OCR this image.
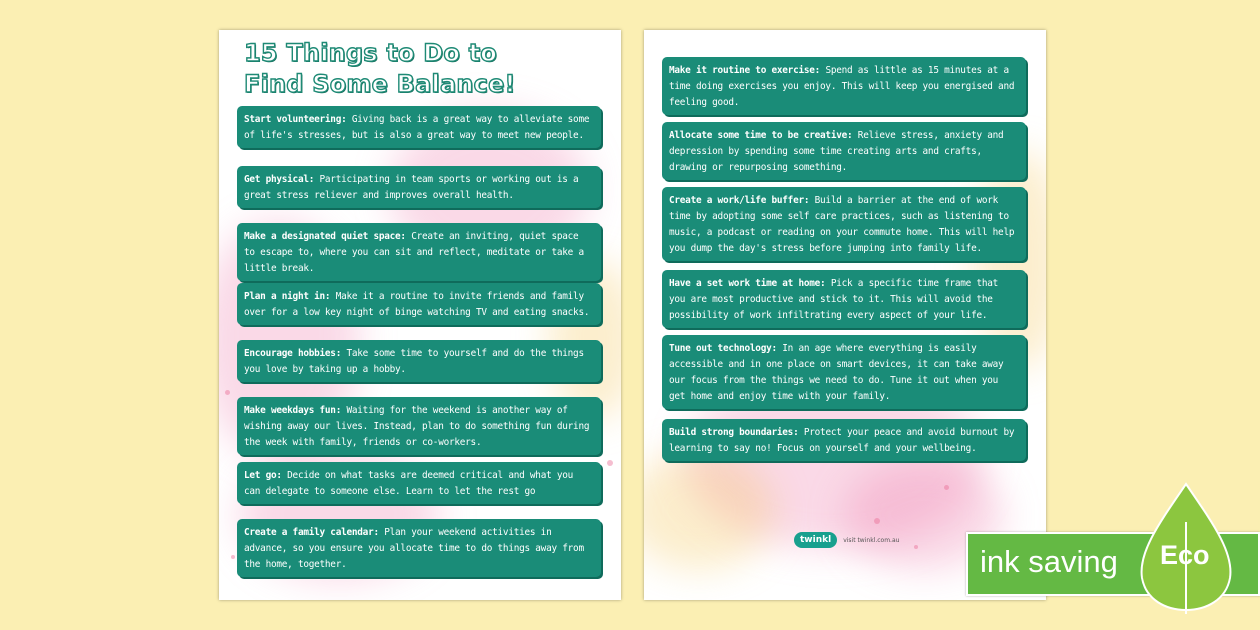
15 Things to Do to
Find Some Balance!
Start volunteering: Giving back is a great way to alleviate some of life's stresses, but is also a great way to meet new people.
Get physical: Participating in team sports or working out is a great stress reliever and improves overall health.
Make a designated quiet space: Create an inviting, quiet space to escape to, where you can sit and reflect, meditate or take a little break.
Plan a night in: Make it a routine to invite friends and family over for a low key night of binge watching TV and eating snacks.
Encourage hobbies: Take some time to yourself and do the things you love by taking up a hobby.
Make weekdays fun: Waiting for the weekend is another way of wishing away our lives. Instead, plan to do something fun during the week with family, friends or co-workers.
Let go: Decide on what tasks are deemed critical and what you can delegate to someone else. Learn to let the rest go
Create a family calendar: Plan your weekend activities in advance, so you ensure you allocate time to do things away from the home, together.
Make it routine to exercise: Spend as little as 15 minutes at a time doing exercises you enjoy. This will keep you energised and feeling good.
Allocate some time to be creative: Relieve stress, anxiety and depression by spending some time creating arts and crafts, drawing or repurposing something.
Create a work/life buffer: Build a barrier at the end of work time by adopting some self care practices, such as listening to music, a podcast or reading on your commute home. This will help you dump the day's stress before jumping into family life.
Have a set work time at home: Pick a specific time frame that you are most productive and stick to it. This will avoid the possibility of work infiltrating every aspect of your life.
Tune out technology: In an age where everything is easily accessible and in one place on smart devices, it can take away our focus from the things we need to do. Tune it out when you get home and enjoy time with your family.
Build strong boundaries: Protect your peace and avoid burnout by learning to say no! Focus on yourself and your wellbeing.
twinkl	visit twinkl.com.au
ink saving Eco
